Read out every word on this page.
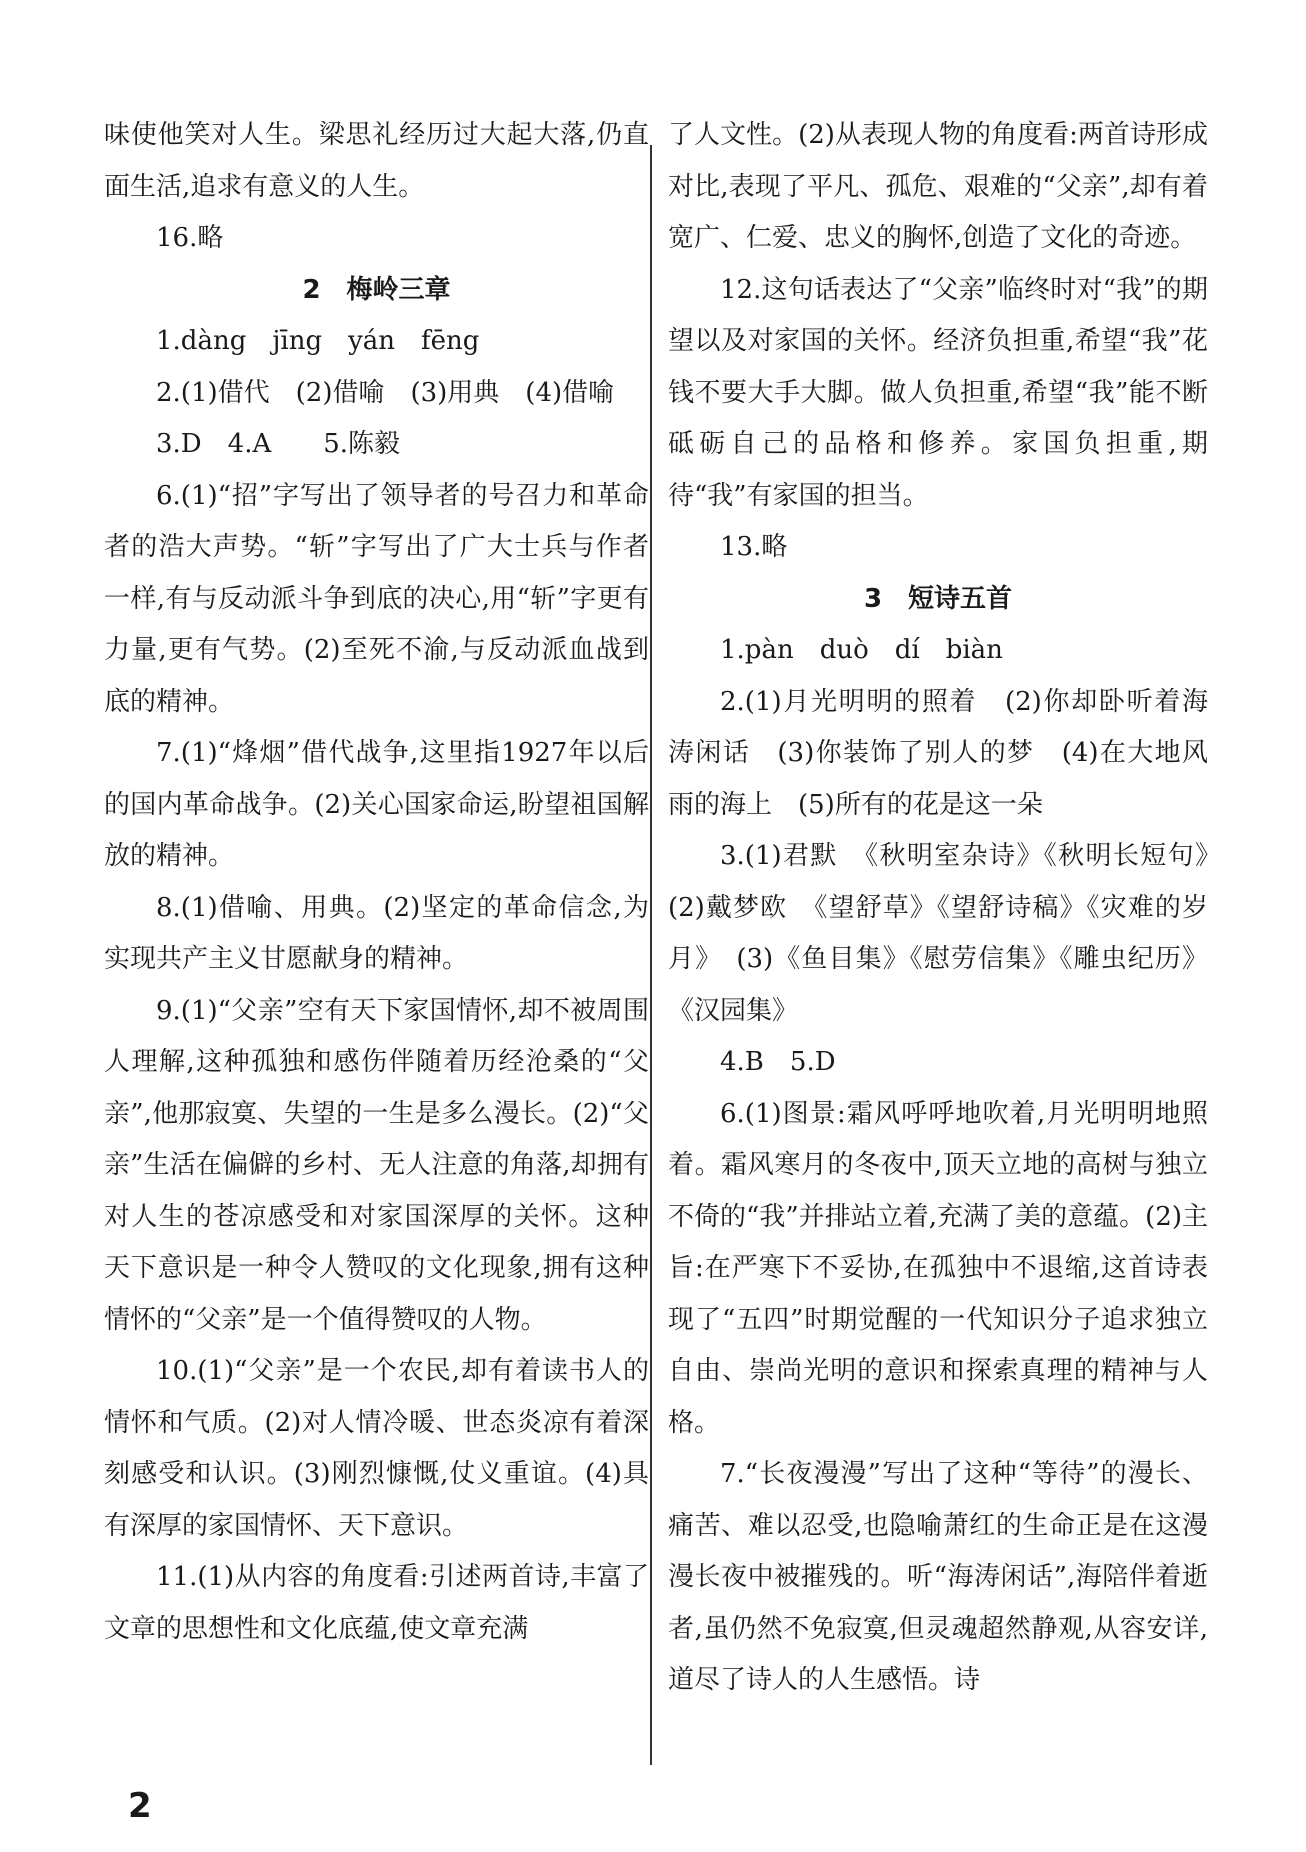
味使他笑对人生。梁思礼经历过大起大落,仍直面生活,追求有意义的人生。

16.略

2　梅岭三章

1.dàng　jīng　yán　fēng

2.(1)借代　(2)借喻　(3)用典　(4)借喻

3.D　4.A　　5.陈毅

6.(1)“招”字写出了领导者的号召力和革命者的浩大声势。“斩”字写出了广大士兵与作者一样,有与反动派斗争到底的决心,用“斩”字更有力量,更有气势。(2)至死不渝,与反动派血战到底的精神。

7.(1)“烽烟”借代战争,这里指1927年以后的国内革命战争。(2)关心国家命运,盼望祖国解放的精神。

8.(1)借喻、用典。(2)坚定的革命信念,为实现共产主义甘愿献身的精神。

9.(1)“父亲”空有天下家国情怀,却不被周围人理解,这种孤独和感伤伴随着历经沧桑的“父亲”,他那寂寞、失望的一生是多么漫长。(2)“父亲”生活在偏僻的乡村、无人注意的角落,却拥有对人生的苍凉感受和对家国深厚的关怀。这种天下意识是一种令人赞叹的文化现象,拥有这种情怀的“父亲”是一个值得赞叹的人物。

10.(1)“父亲”是一个农民,却有着读书人的情怀和气质。(2)对人情冷暖、世态炎凉有着深刻感受和认识。(3)刚烈慷慨,仗义重谊。(4)具有深厚的家国情怀、天下意识。

11.(1)从内容的角度看:引述两首诗,丰富了文章的思想性和文化底蕴,使文章充满

了人文性。(2)从表现人物的角度看:两首诗形成对比,表现了平凡、孤危、艰难的“父亲”,却有着宽广、仁爱、忠义的胸怀,创造了文化的奇迹。

12.这句话表达了“父亲”临终时对“我”的期望以及对家国的关怀。经济负担重,希望“我”花钱不要大手大脚。做人负担重,希望“我”能不断砥砺自己的品格和修养。家国负担重,期待“我”有家国的担当。

13.略

3　短诗五首

1.pàn　duò　dí　biàn

2.(1)月光明明的照着　(2)你却卧听着海涛闲话　(3)你装饰了别人的梦　(4)在大地风雨的海上　(5)所有的花是这一朵

3.(1)君默　《秋明室杂诗》《秋明长短句》　(2)戴梦欧　《望舒草》《望舒诗稿》《灾难的岁月》　(3)《鱼目集》《慰劳信集》《雕虫纪历》《汉园集》

4.B　5.D

6.(1)图景:霜风呼呼地吹着,月光明明地照着。霜风寒月的冬夜中,顶天立地的高树与独立不倚的“我”并排站立着,充满了美的意蕴。(2)主旨:在严寒下不妥协,在孤独中不退缩,这首诗表现了“五四”时期觉醒的一代知识分子追求独立自由、崇尚光明的意识和探索真理的精神与人格。

7.“长夜漫漫”写出了这种“等待”的漫长、痛苦、难以忍受,也隐喻萧红的生命正是在这漫漫长夜中被摧残的。听“海涛闲话”,海陪伴着逝者,虽仍然不免寂寞,但灵魂超然静观,从容安详,道尽了诗人的人生感悟。诗

2
